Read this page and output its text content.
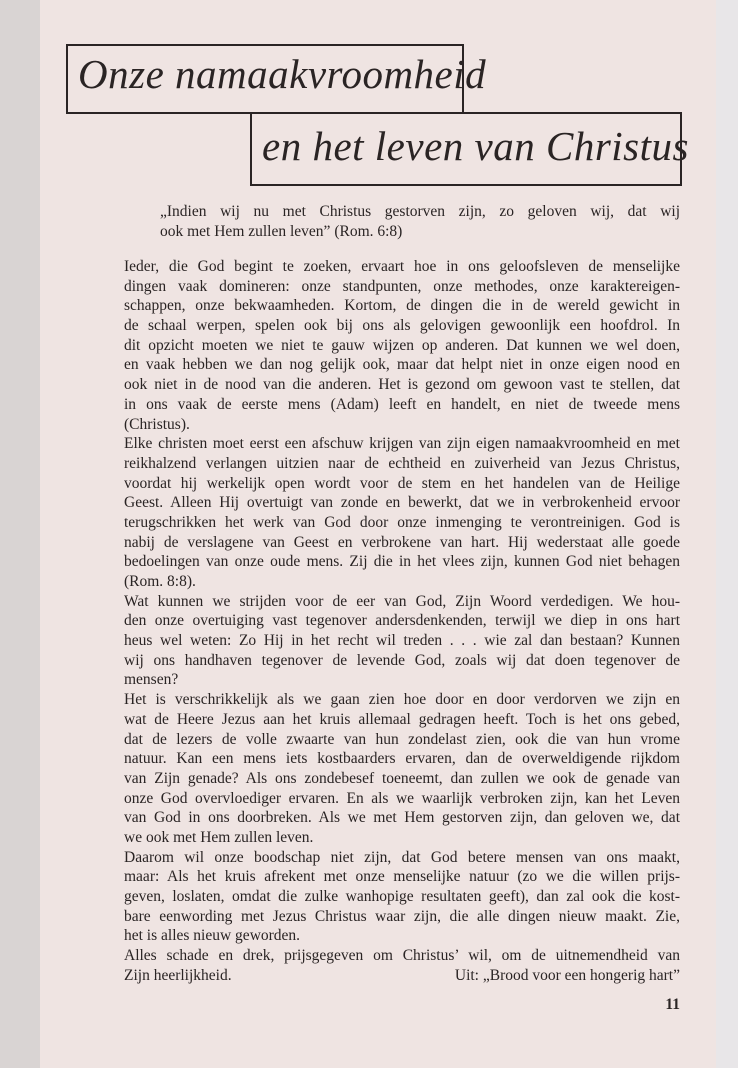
Onze namaakvroomheid
en het leven van Christus
„Indien wij nu met Christus gestorven zijn, zo geloven wij, dat wij
ook met Hem zullen leven” (Rom. 6:8)
Ieder, die God begint te zoeken, ervaart hoe in ons geloofsleven de menselijke
dingen vaak domineren: onze standpunten, onze methodes, onze karaktereigen-
schappen, onze bekwaamheden. Kortom, de dingen die in de wereld gewicht in
de schaal werpen, spelen ook bij ons als gelovigen gewoonlijk een hoofdrol. In
dit opzicht moeten we niet te gauw wijzen op anderen. Dat kunnen we wel doen,
en vaak hebben we dan nog gelijk ook, maar dat helpt niet in onze eigen nood en
ook niet in de nood van die anderen. Het is gezond om gewoon vast te stellen, dat
in ons vaak de eerste mens (Adam) leeft en handelt, en niet de tweede mens
(Christus).
Elke christen moet eerst een afschuw krijgen van zijn eigen namaakvroomheid en met
reikhalzend verlangen uitzien naar de echtheid en zuiverheid van Jezus Christus,
voordat hij werkelijk open wordt voor de stem en het handelen van de Heilige
Geest. Alleen Hij overtuigt van zonde en bewerkt, dat we in verbrokenheid ervoor
terugschrikken het werk van God door onze inmenging te verontreinigen. God is
nabij de verslagene van Geest en verbrokene van hart. Hij wederstaat alle goede
bedoelingen van onze oude mens. Zij die in het vlees zijn, kunnen God niet behagen
(Rom. 8:8).
Wat kunnen we strijden voor de eer van God, Zijn Woord verdedigen. We hou-
den onze overtuiging vast tegenover andersdenkenden, terwijl we diep in ons hart
heus wel weten: Zo Hij in het recht wil treden . . . wie zal dan bestaan? Kunnen
wij ons handhaven tegenover de levende God, zoals wij dat doen tegenover de
mensen?
Het is verschrikkelijk als we gaan zien hoe door en door verdorven we zijn en
wat de Heere Jezus aan het kruis allemaal gedragen heeft. Toch is het ons gebed,
dat de lezers de volle zwaarte van hun zondelast zien, ook die van hun vrome
natuur. Kan een mens iets kostbaarders ervaren, dan de overweldigende rijkdom
van Zijn genade? Als ons zondebesef toeneemt, dan zullen we ook de genade van
onze God overvloediger ervaren. En als we waarlijk verbroken zijn, kan het Leven
van God in ons doorbreken. Als we met Hem gestorven zijn, dan geloven we, dat
we ook met Hem zullen leven.
Daarom wil onze boodschap niet zijn, dat God betere mensen van ons maakt,
maar: Als het kruis afrekent met onze menselijke natuur (zo we die willen prijs-
geven, loslaten, omdat die zulke wanhopige resultaten geeft), dan zal ook die kost-
bare eenwording met Jezus Christus waar zijn, die alle dingen nieuw maakt. Zie,
het is alles nieuw geworden.
Alles schade en drek, prijsgegeven om Christus’ wil, om de uitnemendheid van
Zijn heerlijkheid.	Uit: „Brood voor een hongerig hart”
11
